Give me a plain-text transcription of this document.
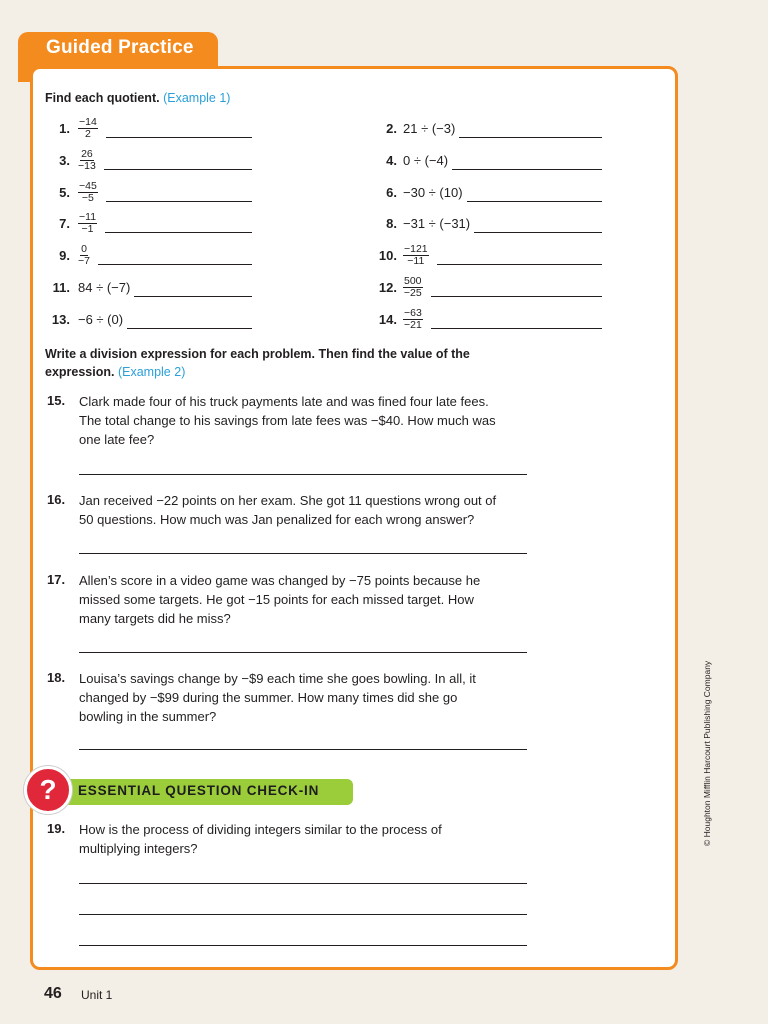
Guided Practice
Find each quotient. (Example 1)
1. $\frac{-14}{2}$	2. 21 ÷ (−3)
3. $\frac{26}{-13}$	4. 0 ÷ (−4)
5. $\frac{-45}{-5}$	6. −30 ÷ (10)
7. $\frac{-11}{-1}$	8. −31 ÷ (−31)
9. $\frac{0}{-7}$	10. $\frac{-121}{-11}$
11. 84 ÷ (−7)	12. $\frac{500}{-25}$
13. −6 ÷ (0)	14. $\frac{-63}{-21}$
Write a division expression for each problem. Then find the value of the
expression. (Example 2)
15. Clark made four of his truck payments late and was fined four late fees.
The total change to his savings from late fees was −$40. How much was
one late fee?
16. Jan received −22 points on her exam. She got 11 questions wrong out of
50 questions. How much was Jan penalized for each wrong answer?
17. Allen’s score in a video game was changed by −75 points because he
missed some targets. He got −15 points for each missed target. How
many targets did he miss?
18. Louisa’s savings change by −$9 each time she goes bowling. In all, it
changed by −$99 during the summer. How many times did she go
bowling in the summer?
ESSENTIAL QUESTION CHECK-IN
?
19. How is the process of dividing integers similar to the process of
multiplying integers?
© Houghton Mifflin Harcourt Publishing Company
46 Unit 1
